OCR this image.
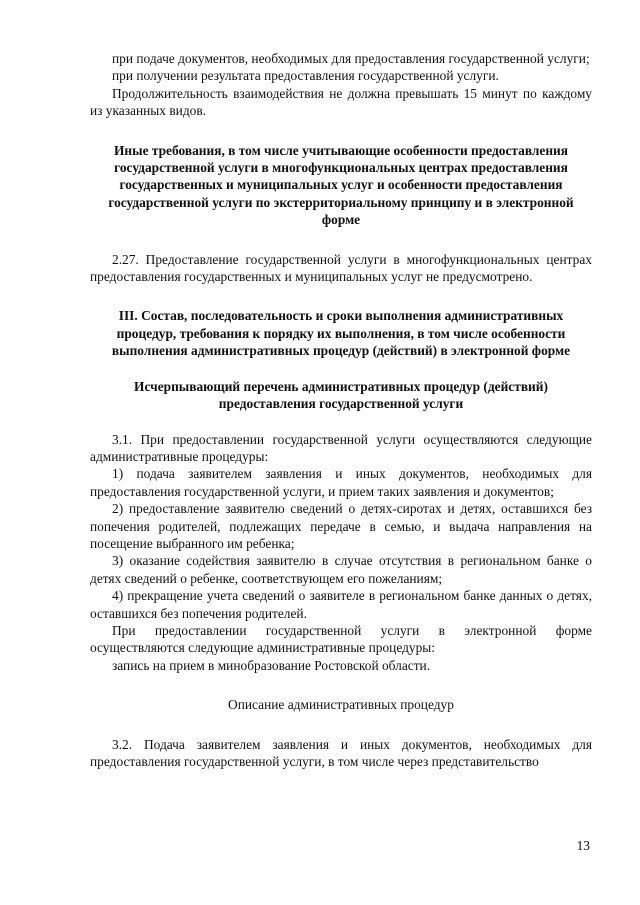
при подаче документов, необходимых для предоставления государственной услуги;

при получении результата предоставления государственной услуги.

Продолжительность взаимодействия не должна превышать 15 минут по каждому из указанных видов.

Иные требования, в том числе учитывающие особенности предоставления государственной услуги в многофункциональных центрах предоставления государственных и муниципальных услуг и особенности предоставления государственной услуги по экстерриториальному принципу и в электронной форме

2.27. Предоставление государственной услуги в многофункциональных центрах предоставления государственных и муниципальных услуг не предусмотрено.

III. Состав, последовательность и сроки выполнения административных процедур, требования к порядку их выполнения, в том числе особенности выполнения административных процедур (действий) в электронной форме

Исчерпывающий перечень административных процедур (действий) предоставления государственной услуги

3.1. При предоставлении государственной услуги осуществляются следующие административные процедуры:

1) подача заявителем заявления и иных документов, необходимых для предоставления государственной услуги, и прием таких заявления и документов;

2) предоставление заявителю сведений о детях-сиротах и детях, оставшихся без попечения родителей, подлежащих передаче в семью, и выдача направления на посещение выбранного им ребенка;

3) оказание содействия заявителю в случае отсутствия в региональном банке о детях сведений о ребенке, соответствующем его пожеланиям;

4) прекращение учета сведений о заявителе в региональном банке данных о детях, оставшихся без попечения родителей.

При предоставлении государственной услуги в электронной форме осуществляются следующие административные процедуры:

запись на прием в минобразование Ростовской области.

Описание административных процедур

3.2. Подача заявителем заявления и иных документов, необходимых для предоставления государственной услуги, в том числе через представительство

13
